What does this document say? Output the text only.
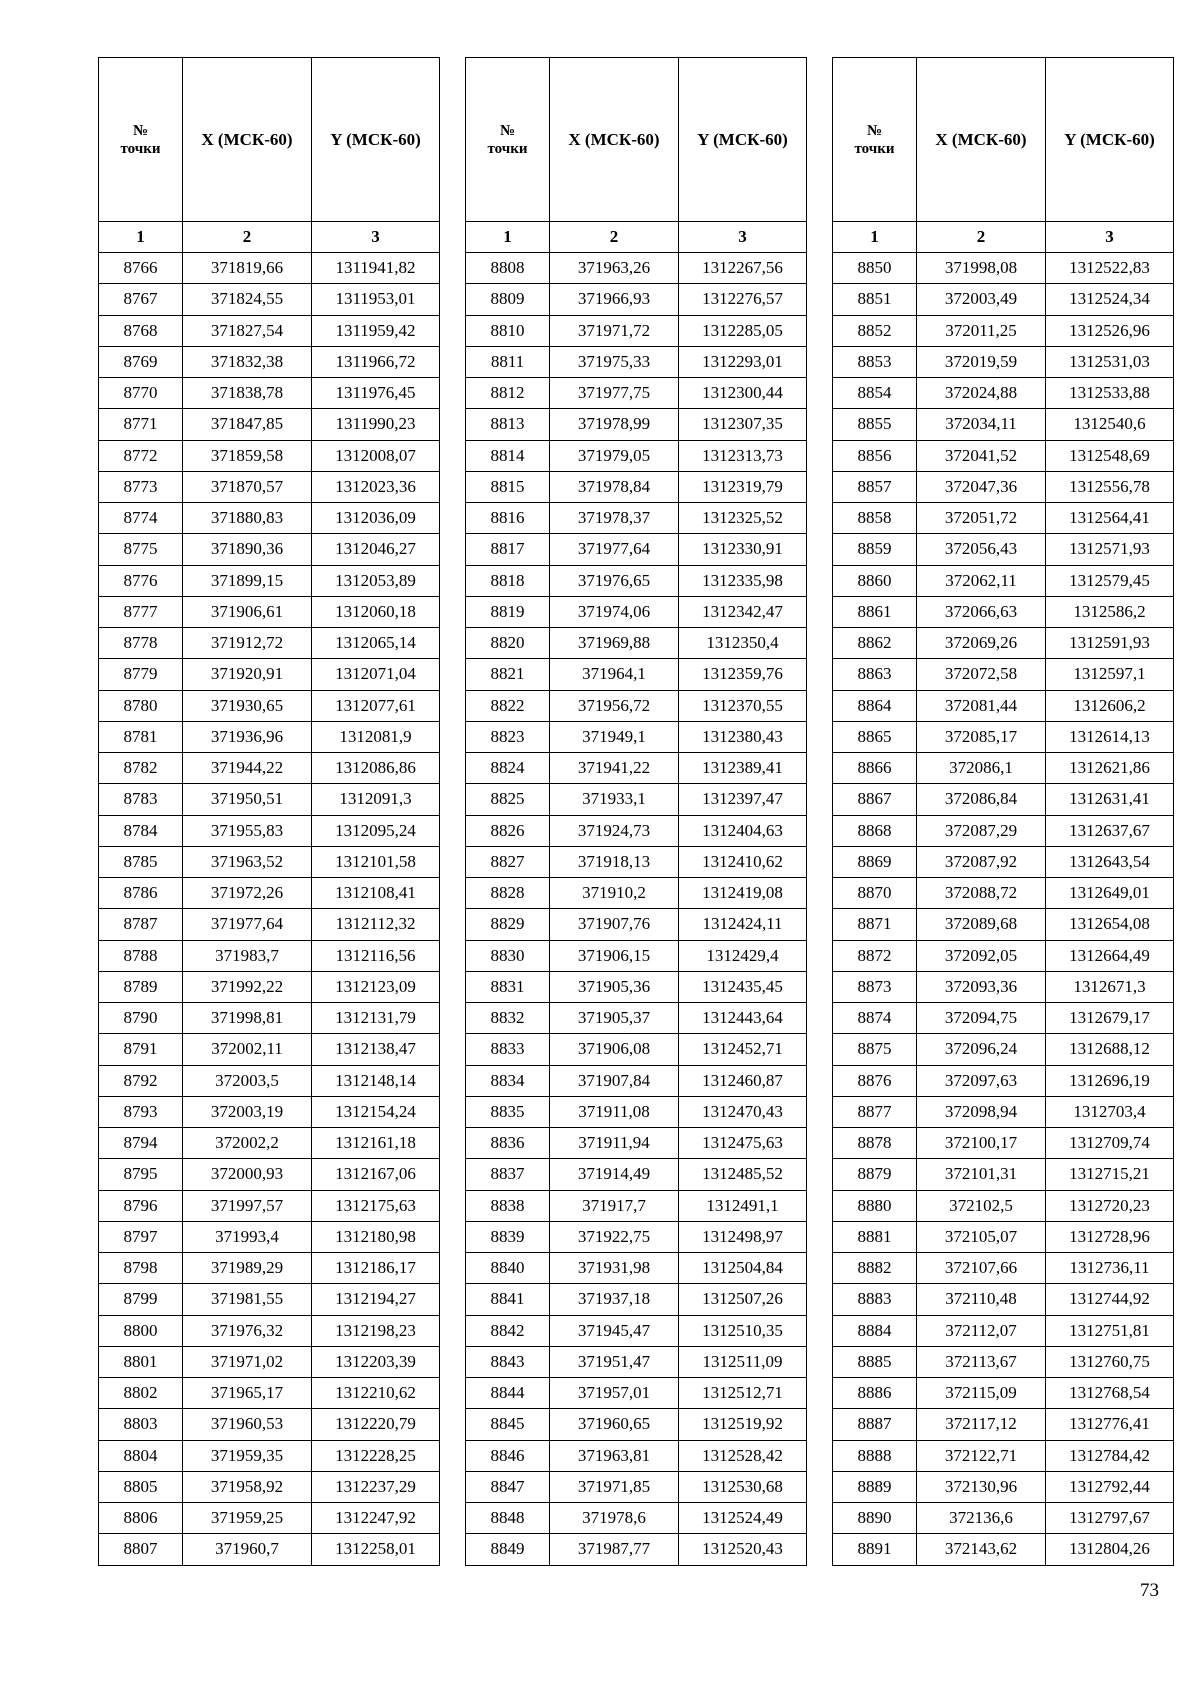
№
точки	X (МСК-60)	Y (МСК-60)
1	2	3
8766	371819,66	1311941,82
8767	371824,55	1311953,01
8768	371827,54	1311959,42
8769	371832,38	1311966,72
8770	371838,78	1311976,45
8771	371847,85	1311990,23
8772	371859,58	1312008,07
8773	371870,57	1312023,36
8774	371880,83	1312036,09
8775	371890,36	1312046,27
8776	371899,15	1312053,89
8777	371906,61	1312060,18
8778	371912,72	1312065,14
8779	371920,91	1312071,04
8780	371930,65	1312077,61
8781	371936,96	1312081,9
8782	371944,22	1312086,86
8783	371950,51	1312091,3
8784	371955,83	1312095,24
8785	371963,52	1312101,58
8786	371972,26	1312108,41
8787	371977,64	1312112,32
8788	371983,7	1312116,56
8789	371992,22	1312123,09
8790	371998,81	1312131,79
8791	372002,11	1312138,47
8792	372003,5	1312148,14
8793	372003,19	1312154,24
8794	372002,2	1312161,18
8795	372000,93	1312167,06
8796	371997,57	1312175,63
8797	371993,4	1312180,98
8798	371989,29	1312186,17
8799	371981,55	1312194,27
8800	371976,32	1312198,23
8801	371971,02	1312203,39
8802	371965,17	1312210,62
8803	371960,53	1312220,79
8804	371959,35	1312228,25
8805	371958,92	1312237,29
8806	371959,25	1312247,92
8807	371960,7	1312258,01
№
точки	X (МСК-60)	Y (МСК-60)
1	2	3
8808	371963,26	1312267,56
8809	371966,93	1312276,57
8810	371971,72	1312285,05
8811	371975,33	1312293,01
8812	371977,75	1312300,44
8813	371978,99	1312307,35
8814	371979,05	1312313,73
8815	371978,84	1312319,79
8816	371978,37	1312325,52
8817	371977,64	1312330,91
8818	371976,65	1312335,98
8819	371974,06	1312342,47
8820	371969,88	1312350,4
8821	371964,1	1312359,76
8822	371956,72	1312370,55
8823	371949,1	1312380,43
8824	371941,22	1312389,41
8825	371933,1	1312397,47
8826	371924,73	1312404,63
8827	371918,13	1312410,62
8828	371910,2	1312419,08
8829	371907,76	1312424,11
8830	371906,15	1312429,4
8831	371905,36	1312435,45
8832	371905,37	1312443,64
8833	371906,08	1312452,71
8834	371907,84	1312460,87
8835	371911,08	1312470,43
8836	371911,94	1312475,63
8837	371914,49	1312485,52
8838	371917,7	1312491,1
8839	371922,75	1312498,97
8840	371931,98	1312504,84
8841	371937,18	1312507,26
8842	371945,47	1312510,35
8843	371951,47	1312511,09
8844	371957,01	1312512,71
8845	371960,65	1312519,92
8846	371963,81	1312528,42
8847	371971,85	1312530,68
8848	371978,6	1312524,49
8849	371987,77	1312520,43
№
точки	X (МСК-60)	Y (МСК-60)
1	2	3
8850	371998,08	1312522,83
8851	372003,49	1312524,34
8852	372011,25	1312526,96
8853	372019,59	1312531,03
8854	372024,88	1312533,88
8855	372034,11	1312540,6
8856	372041,52	1312548,69
8857	372047,36	1312556,78
8858	372051,72	1312564,41
8859	372056,43	1312571,93
8860	372062,11	1312579,45
8861	372066,63	1312586,2
8862	372069,26	1312591,93
8863	372072,58	1312597,1
8864	372081,44	1312606,2
8865	372085,17	1312614,13
8866	372086,1	1312621,86
8867	372086,84	1312631,41
8868	372087,29	1312637,67
8869	372087,92	1312643,54
8870	372088,72	1312649,01
8871	372089,68	1312654,08
8872	372092,05	1312664,49
8873	372093,36	1312671,3
8874	372094,75	1312679,17
8875	372096,24	1312688,12
8876	372097,63	1312696,19
8877	372098,94	1312703,4
8878	372100,17	1312709,74
8879	372101,31	1312715,21
8880	372102,5	1312720,23
8881	372105,07	1312728,96
8882	372107,66	1312736,11
8883	372110,48	1312744,92
8884	372112,07	1312751,81
8885	372113,67	1312760,75
8886	372115,09	1312768,54
8887	372117,12	1312776,41
8888	372122,71	1312784,42
8889	372130,96	1312792,44
8890	372136,6	1312797,67
8891	372143,62	1312804,26
73
